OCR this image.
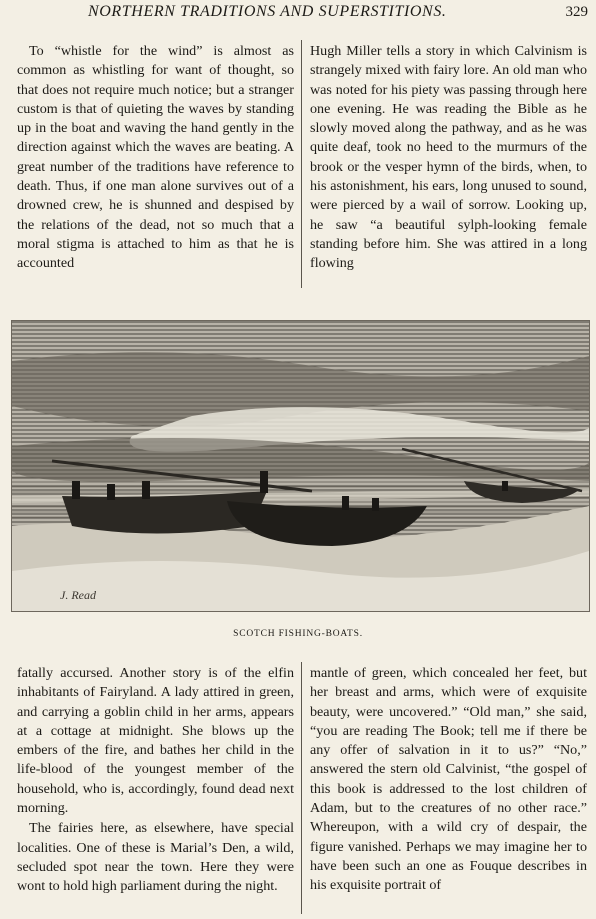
NORTHERN TRADITIONS AND SUPERSTITIONS.	329

To “whistle for the wind” is almost as common as whistling for want of thought, so that does not require much notice; but a stranger custom is that of quieting the waves by standing up in the boat and waving the hand gently in the direction against which the waves are beating. A great number of the traditions have reference to death. Thus, if one man alone survives out of a drowned crew, he is shunned and despised by the relations of the dead, not so much that a moral stigma is attached to him as that he is accounted

Hugh Miller tells a story in which Calvinism is strangely mixed with fairy lore. An old man who was noted for his piety was passing through here one evening. He was reading the Bible as he slowly moved along the pathway, and as he was quite deaf, took no heed to the murmurs of the brook or the vesper hymn of the birds, when, to his astonishment, his ears, long unused to sound, were pierced by a wail of sorrow. Looking up, he saw “a beautiful sylph-looking female standing before him. She was attired in a long flowing

J. Read
SCOTCH FISHING-BOATS.

fatally accursed. Another story is of the elfin inhabitants of Fairyland. A lady attired in green, and carrying a goblin child in her arms, appears at a cottage at midnight. She blows up the embers of the fire, and bathes her child in the life-blood of the youngest member of the household, who is, accordingly, found dead next morning.

The fairies here, as elsewhere, have special localities. One of these is Marial’s Den, a wild, secluded spot near the town. Here they were wont to hold high parliament during the night.

mantle of green, which concealed her feet, but her breast and arms, which were of exquisite beauty, were uncovered.” “Old man,” she said, “you are reading The Book; tell me if there be any offer of salvation in it to us?” “No,” answered the stern old Calvinist, “the gospel of this book is addressed to the lost children of Adam, but to the creatures of no other race.” Whereupon, with a wild cry of despair, the figure vanished. Perhaps we may imagine her to have been such an one as Fouque describes in his exquisite portrait of
